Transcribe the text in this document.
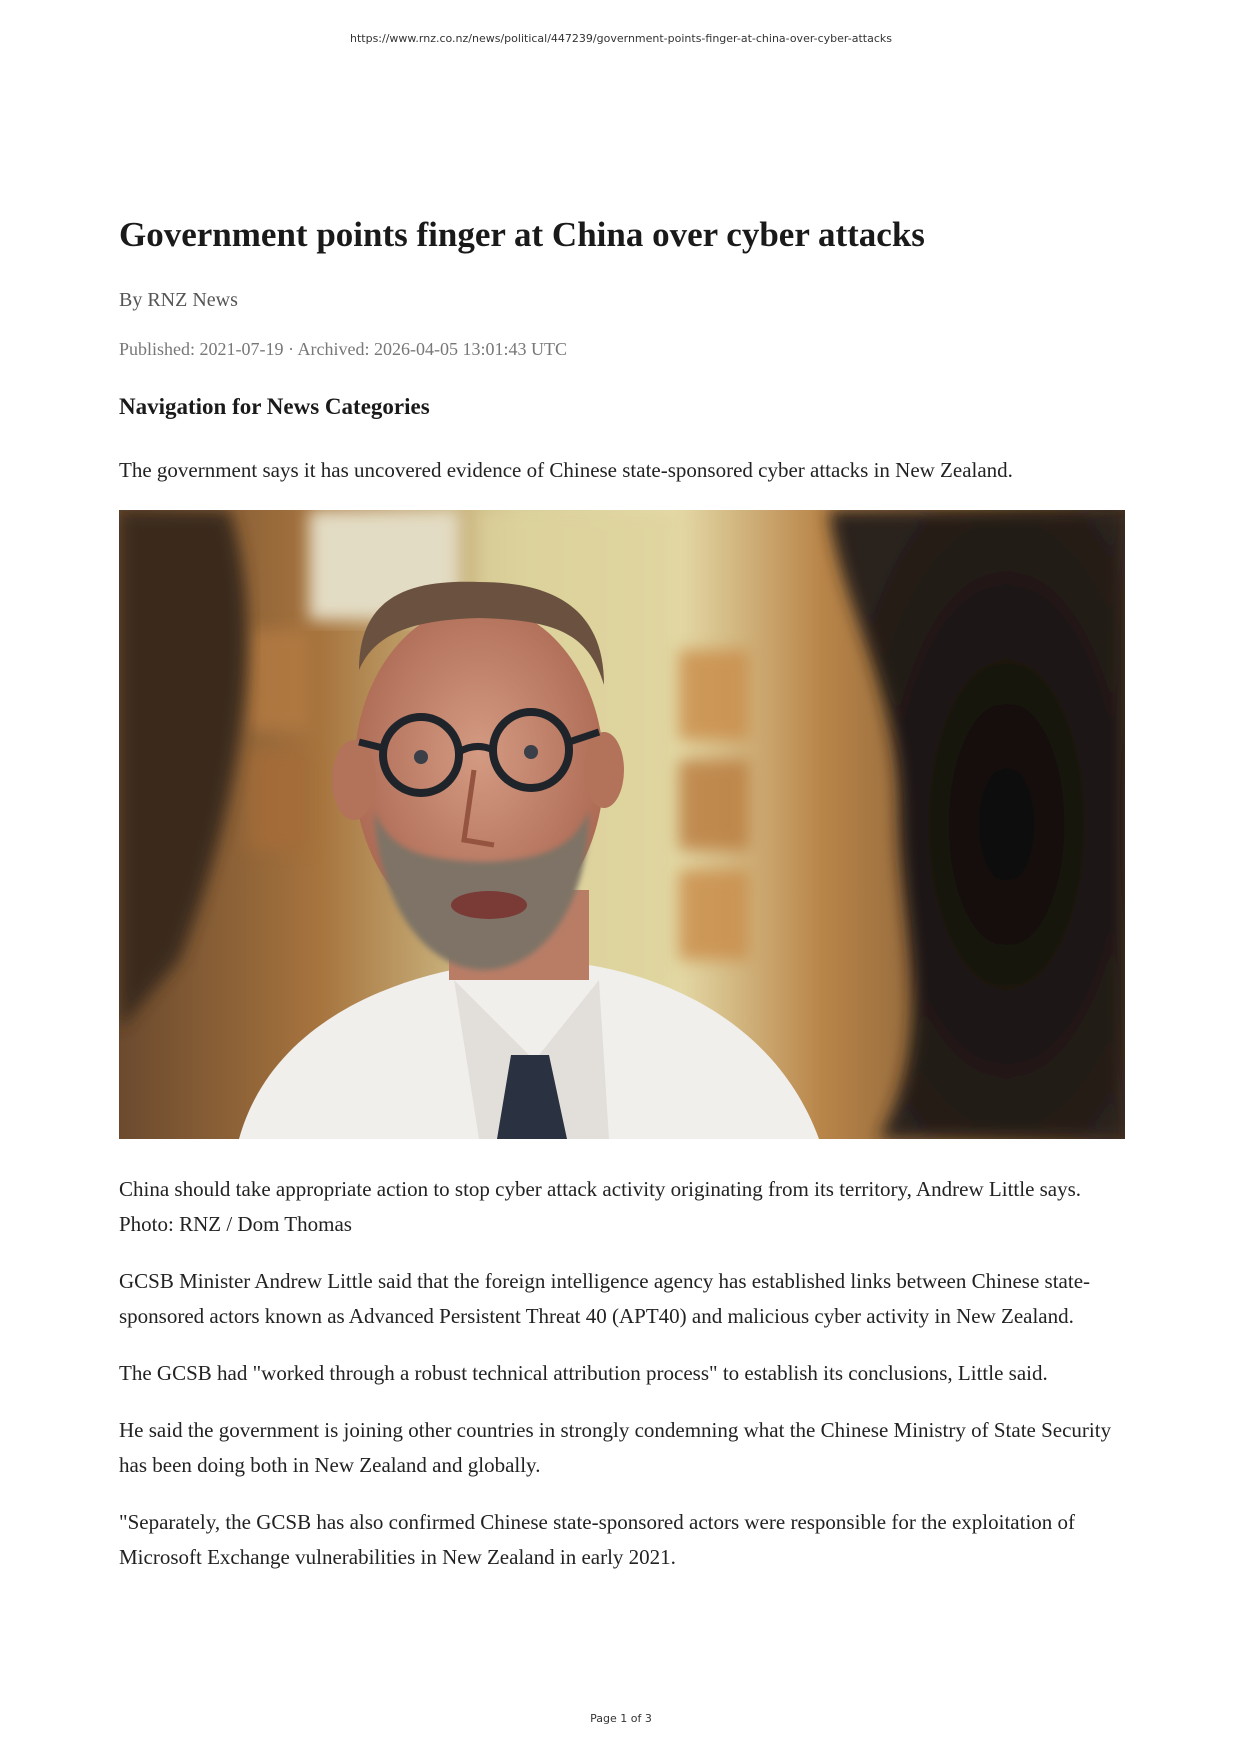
https://www.rnz.co.nz/news/political/447239/government-points-finger-at-china-over-cyber-attacks
Government points finger at China over cyber attacks
By RNZ News
Published: 2021-07-19 · Archived: 2026-04-05 13:01:43 UTC
Navigation for News Categories

The government says it has uncovered evidence of Chinese state-sponsored cyber attacks in New Zealand.

China should take appropriate action to stop cyber attack activity originating from its territory, Andrew Little says. Photo: RNZ / Dom Thomas

GCSB Minister Andrew Little said that the foreign intelligence agency has established links between Chinese state-sponsored actors known as Advanced Persistent Threat 40 (APT40) and malicious cyber activity in New Zealand.

The GCSB had "worked through a robust technical attribution process" to establish its conclusions, Little said.

He said the government is joining other countries in strongly condemning what the Chinese Ministry of State Security has been doing both in New Zealand and globally.

"Separately, the GCSB has also confirmed Chinese state-sponsored actors were responsible for the exploitation of Microsoft Exchange vulnerabilities in New Zealand in early 2021.

Page 1 of 3
